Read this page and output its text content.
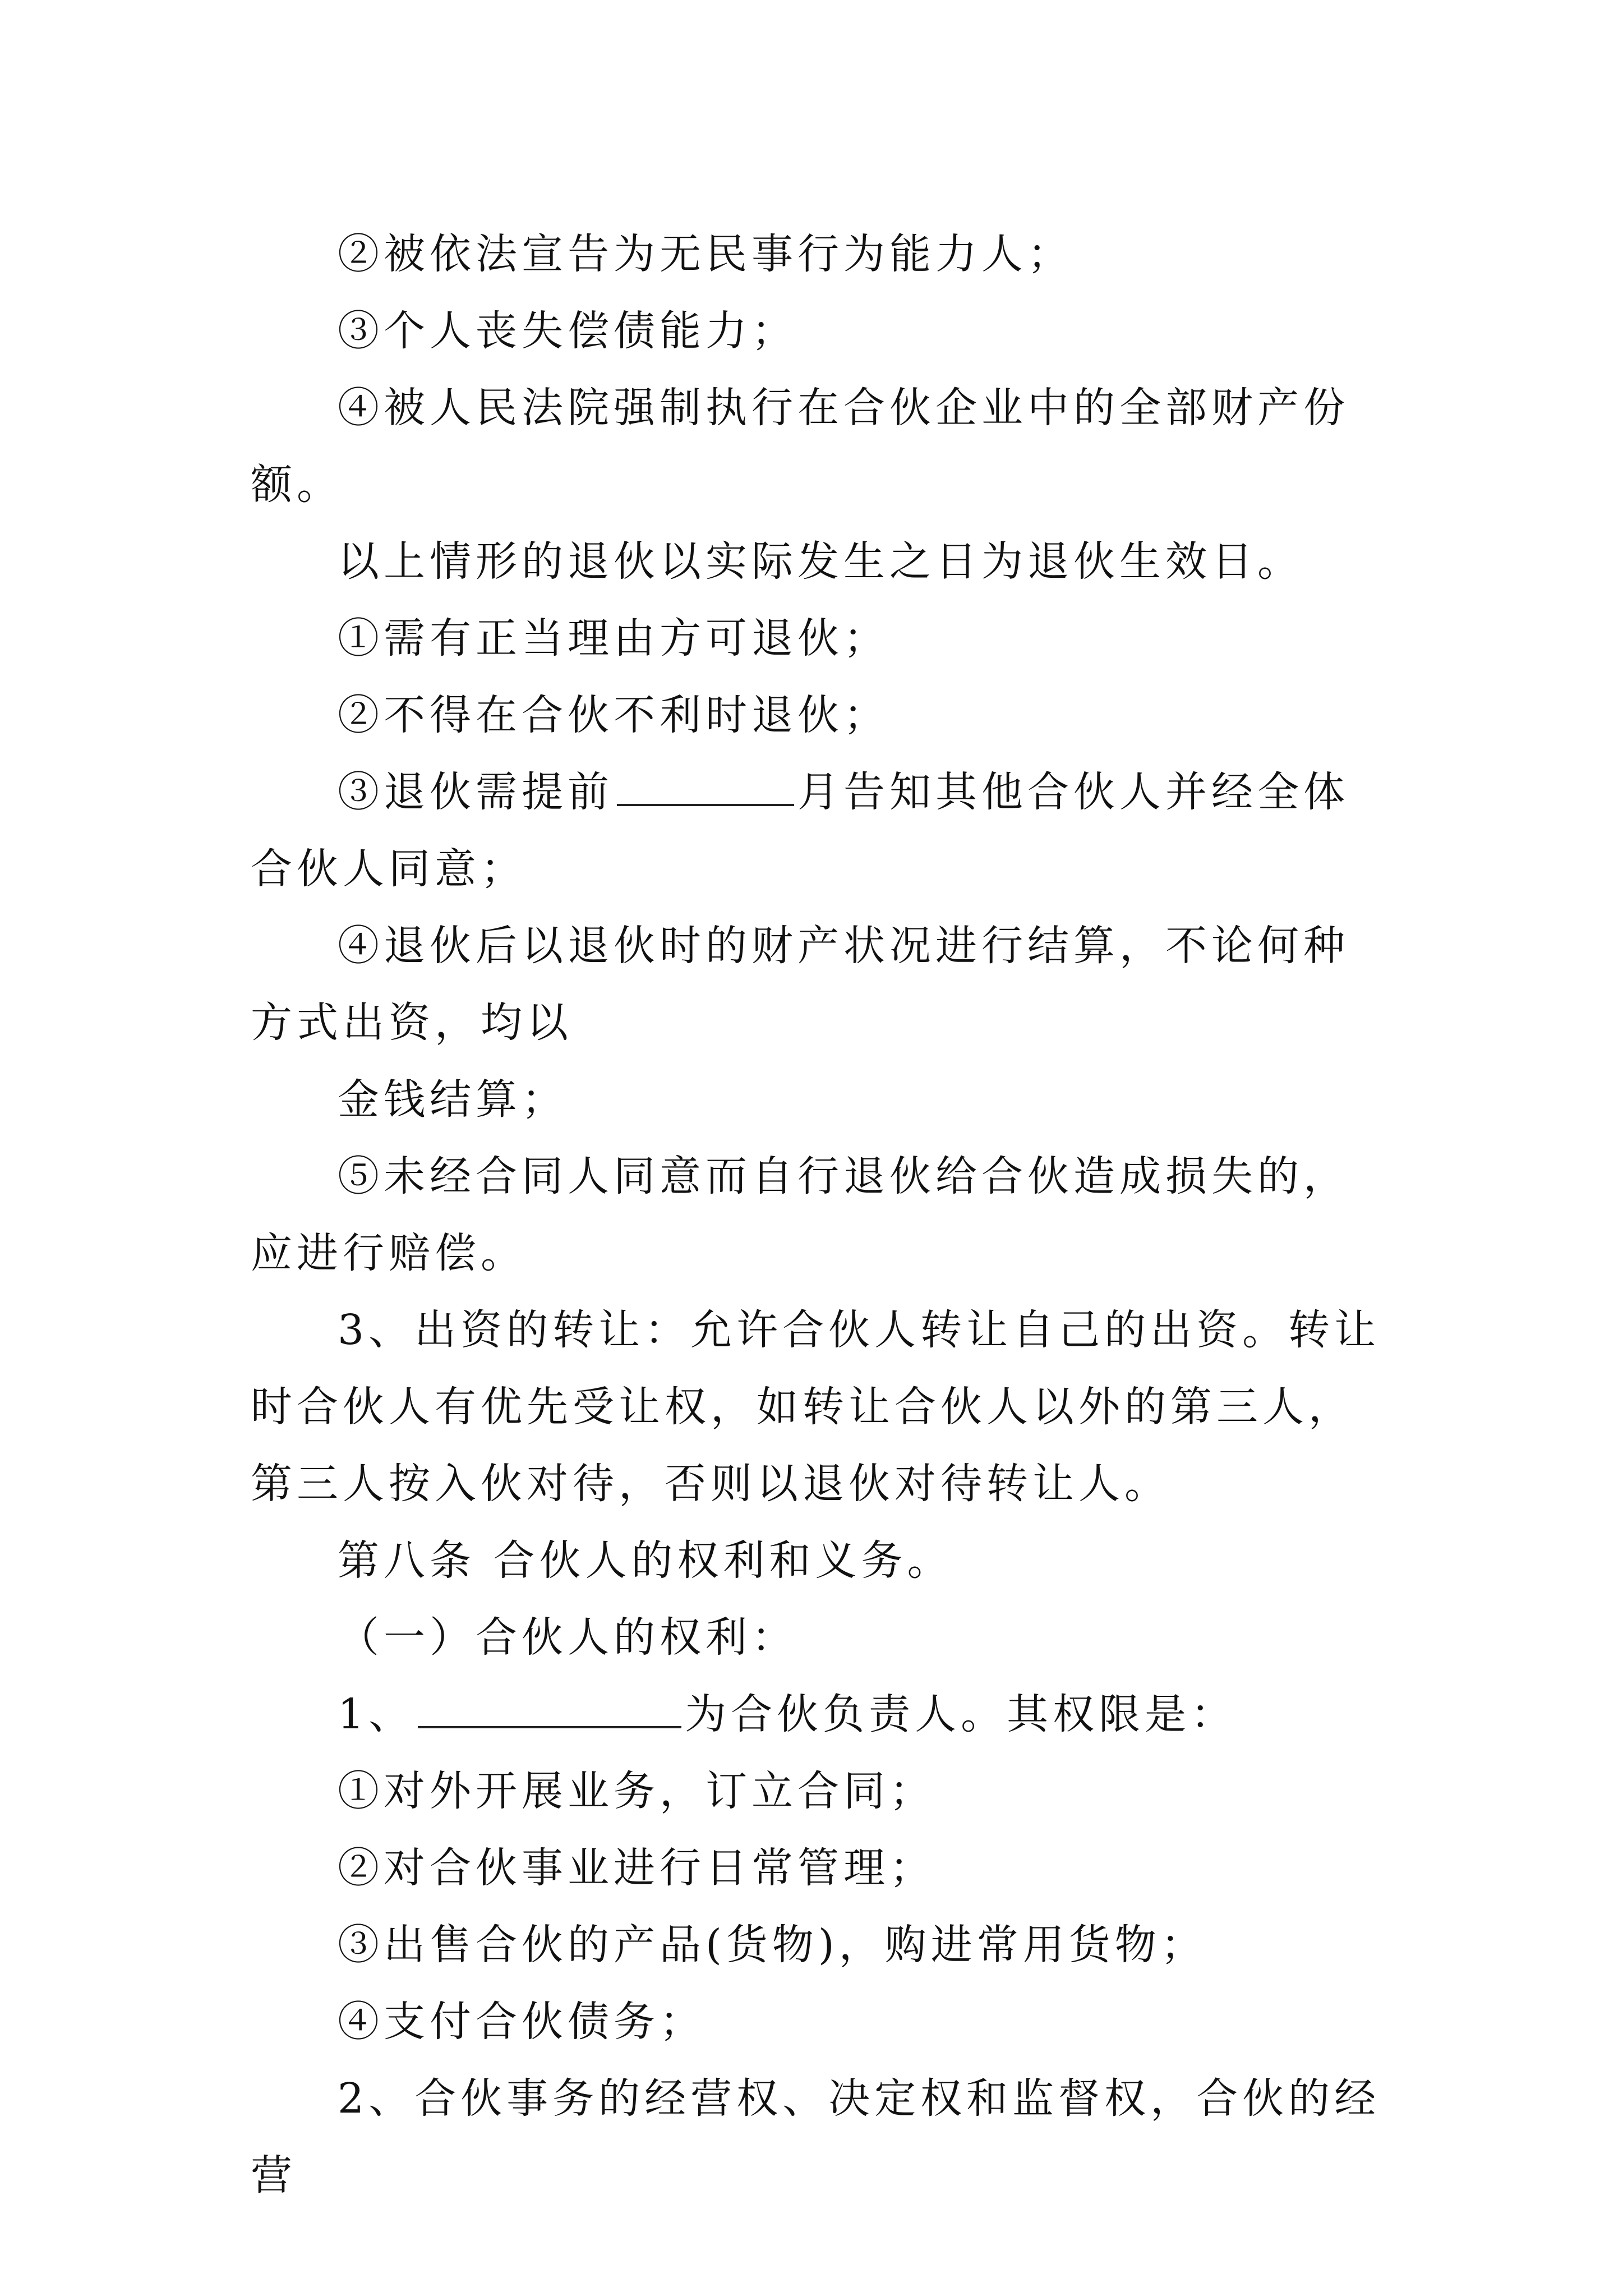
②被依法宣告为无民事行为能力人；

③个人丧失偿债能力；

④被人民法院强制执行在合伙企业中的全部财产份额。

以上情形的退伙以实际发生之日为退伙生效日。

①需有正当理由方可退伙；

②不得在合伙不利时退伙；

③退伙需提前	月告知其他合伙人并经全体合伙人同意；

④退伙后以退伙时的财产状况进行结算，不论何种方式出资，均以

金钱结算；

⑤未经合同人同意而自行退伙给合伙造成损失的，应进行赔偿。

3、出资的转让：允许合伙人转让自己的出资。转让时合伙人有优先受让权，如转让合伙人以外的第三人，第三人按入伙对待，否则以退伙对待转让人。

第八条 合伙人的权利和义务。

（一）合伙人的权利：

1、	为合伙负责人。其权限是：

①对外开展业务，订立合同；

②对合伙事业进行日常管理；

③出售合伙的产品(货物)，购进常用货物；

④支付合伙债务；

2、合伙事务的经营权、决定权和监督权，合伙的经营
